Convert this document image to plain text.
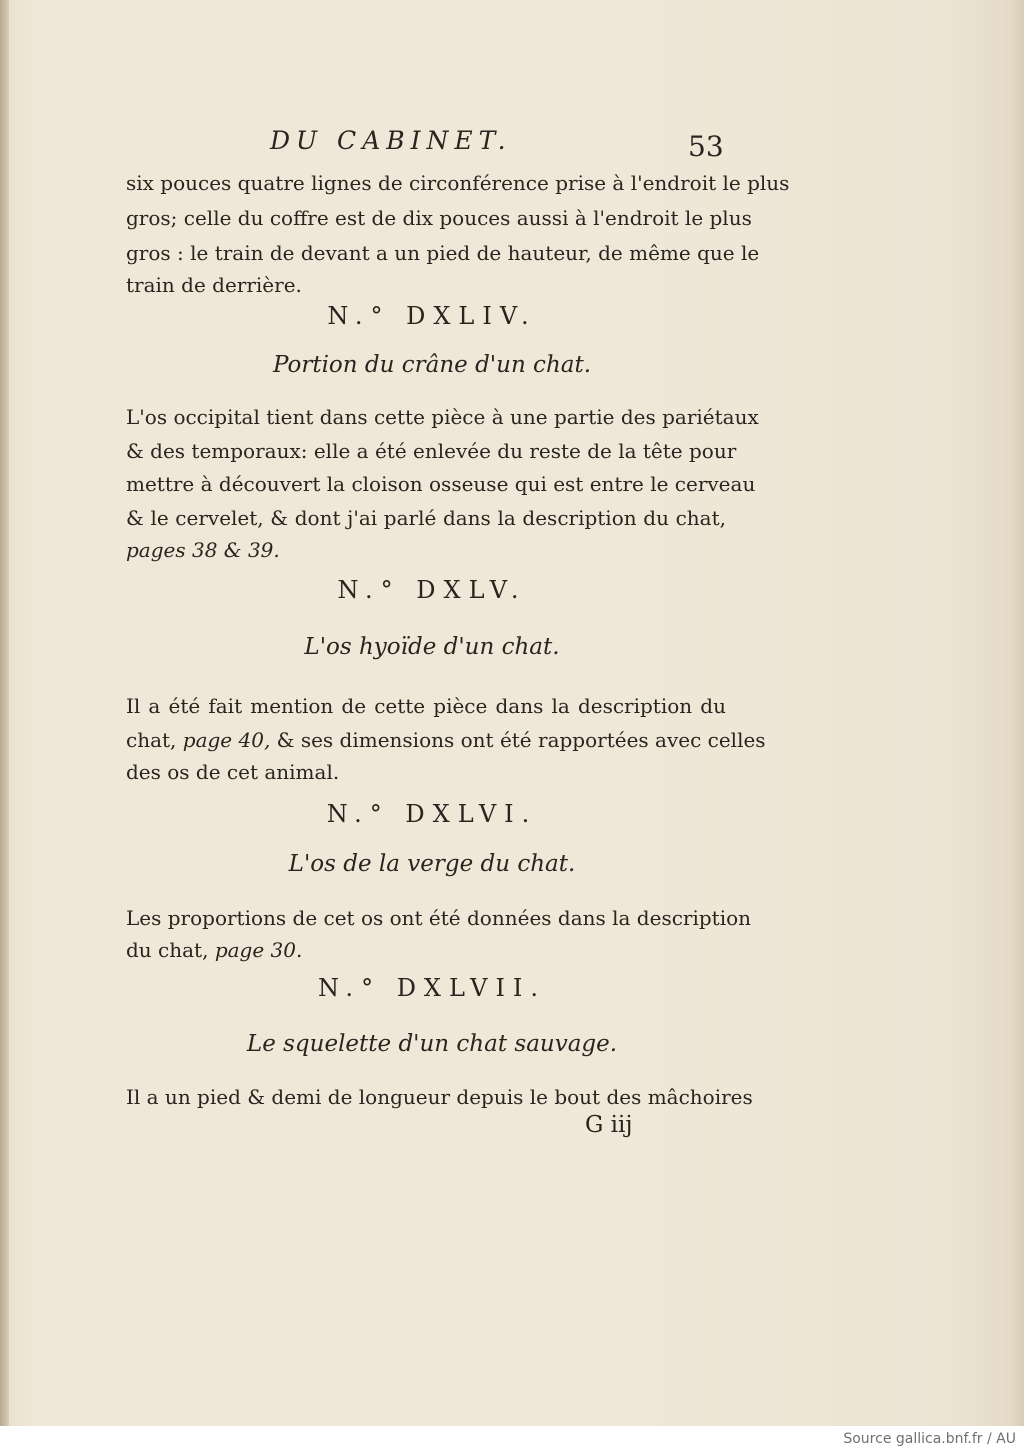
DU CABINET.	53
six pouces quatre lignes de circonférence prise à l'endroit le plus
gros; celle du coffre est de dix pouces aussi à l'endroit le plus
gros : le train de devant a un pied de hauteur, de même que le
train de derrière.
N.° DXLIV.
Portion du crâne d'un chat.
L'os occipital tient dans cette pièce à une partie des pariétaux
& des temporaux: elle a été enlevée du reste de la tête pour
mettre à découvert la cloison osseuse qui est entre le cerveau
& le cervelet, & dont j'ai parlé dans la description du chat,
pages 38 & 39.
N.° DXLV.
L'os hyoïde d'un chat.
Il a été fait mention de cette pièce dans la description du
chat, page 40, & ses dimensions ont été rapportées avec celles
des os de cet animal.
N.° DXLVI.
L'os de la verge du chat.
Les proportions de cet os ont été données dans la description
du chat, page 30.
N.° DXLVII.
Le squelette d'un chat sauvage.
Il a un pied & demi de longueur depuis le bout des mâchoires
G iij
Source gallica.bnf.fr / AU
